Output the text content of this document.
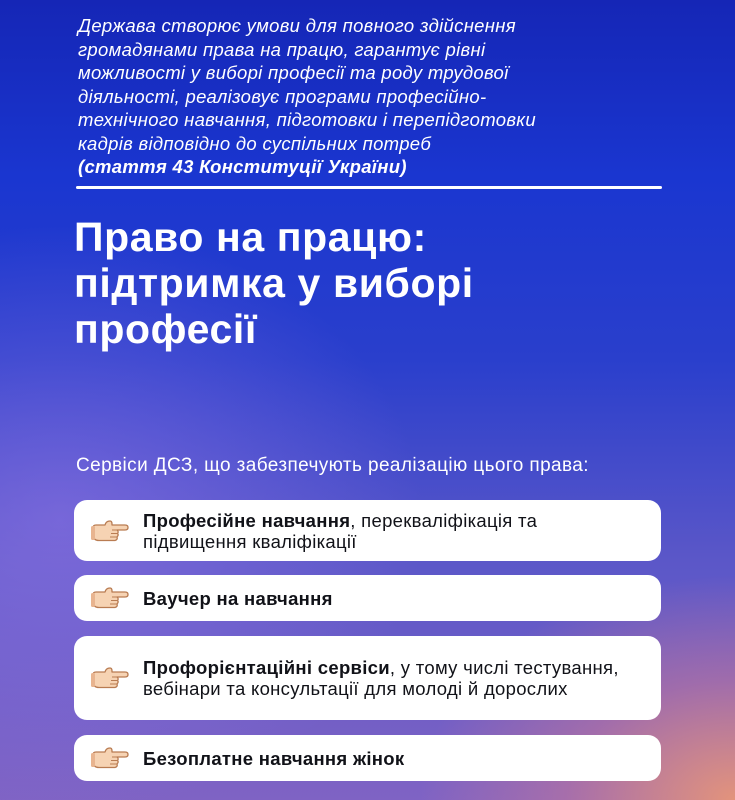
Держава створює умови для повного здійснення
громадянами права на працю, гарантує рівні
можливості у виборі професії та роду трудової
діяльності, реалізовує програми професійно-
технічного навчання, підготовки і перепідготовки
кадрів відповідно до суспільних потреб
(стаття 43 Конституції України)
Право на працю:
підтримка у виборі
професії
Сервіси ДСЗ, що забезпечують реалізацію цього права:
Професійне навчання, перекваліфікація та підвищення кваліфікації
Ваучер на навчання
Профорієнтаційні сервіси, у тому числі тестування, вебінари та консультації для молоді й дорослих
Безоплатне навчання жінок
